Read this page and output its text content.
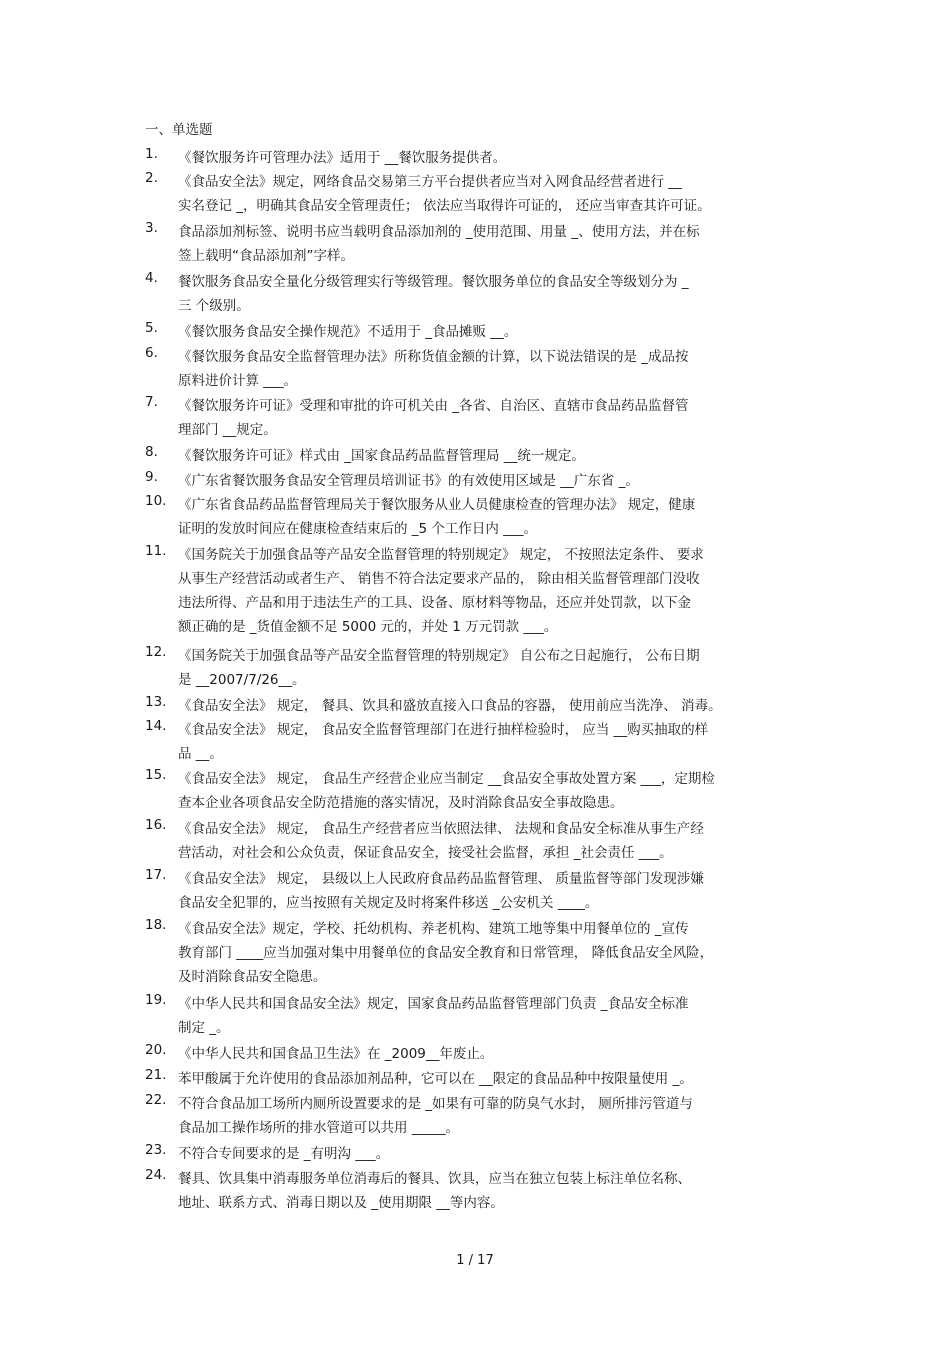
一、单选题
1.	《餐饮服务许可管理办法》适用于 __餐饮服务提供者。
2.	《食品安全法》规定，网络食品交易第三方平台提供者应当对入网食品经营者进行 __
实名登记 _，明确其食品安全管理责任； 依法应当取得许可证的， 还应当审查其许可证。
3.	食品添加剂标签、说明书应当载明食品添加剂的 _使用范围、用量 _、使用方法，并在标
签上载明“食品添加剂”字样。
4.	餐饮服务食品安全量化分级管理实行等级管理。餐饮服务单位的食品安全等级划分为 _
三 个级别。
5.	《餐饮服务食品安全操作规范》不适用于 _食品摊贩 __。
6.	《餐饮服务食品安全监督管理办法》所称货值金额的计算，以下说法错误的是 _成品按
原料进价计算 ___。
7.	《餐饮服务许可证》受理和审批的许可机关由 _各省、自治区、直辖市食品药品监督管
理部门 __规定。
8.	《餐饮服务许可证》样式由 _国家食品药品监督管理局 __统一规定。
9.	《广东省餐饮服务食品安全管理员培训证书》的有效使用区域是 __广东省 _。
10. 《广东省食品药品监督管理局关于餐饮服务从业人员健康检查的管理办法》 规定，健康
证明的发放时间应在健康检查结束后的 _5 个工作日内 ___。
11. 《国务院关于加强食品等产品安全监督管理的特别规定》 规定， 不按照法定条件、 要求
从事生产经营活动或者生产、 销售不符合法定要求产品的， 除由相关监督管理部门没收
违法所得、产品和用于违法生产的工具、设备、原材料等物品，还应并处罚款，以下金
额正确的是 _货值金额不足 5000 元的，并处 1 万元罚款 ___。
12. 《国务院关于加强食品等产品安全监督管理的特别规定》 自公布之日起施行， 公布日期
是 __2007/7/26__。
13. 《食品安全法》 规定， 餐具、饮具和盛放直接入口食品的容器， 使用前应当洗净、 消毒。
14. 《食品安全法》 规定， 食品安全监督管理部门在进行抽样检验时， 应当 __购买抽取的样
品 __。
15. 《食品安全法》 规定， 食品生产经营企业应当制定 __食品安全事故处置方案 ___，定期检
查本企业各项食品安全防范措施的落实情况，及时消除食品安全事故隐患。
16. 《食品安全法》 规定， 食品生产经营者应当依照法律、 法规和食品安全标准从事生产经
营活动，对社会和公众负责，保证食品安全，接受社会监督，承担 _社会责任 ___。
17. 《食品安全法》 规定， 县级以上人民政府食品药品监督管理、 质量监督等部门发现涉嫌
食品安全犯罪的，应当按照有关规定及时将案件移送 _公安机关 ____。
18. 《食品安全法》规定，学校、托幼机构、养老机构、建筑工地等集中用餐单位的 _宣传
教育部门 ____应当加强对集中用餐单位的食品安全教育和日常管理， 降低食品安全风险，
及时消除食品安全隐患。
19. 《中华人民共和国食品安全法》规定，国家食品药品监督管理部门负责 _食品安全标准
制定 _。
20. 《中华人民共和国食品卫生法》在 _2009__年废止。
21. 苯甲酸属于允许使用的食品添加剂品种，它可以在 __限定的食品品种中按限量使用 _。
22. 不符合食品加工场所内厕所设置要求的是 _如果有可靠的防臭气水封， 厕所排污管道与
食品加工操作场所的排水管道可以共用 _____。
23. 不符合专间要求的是 _有明沟 ___。
24. 餐具、饮具集中消毒服务单位消毒后的餐具、饮具，应当在独立包装上标注单位名称、
地址、联系方式、消毒日期以及 _使用期限 __等内容。
1 / 17
